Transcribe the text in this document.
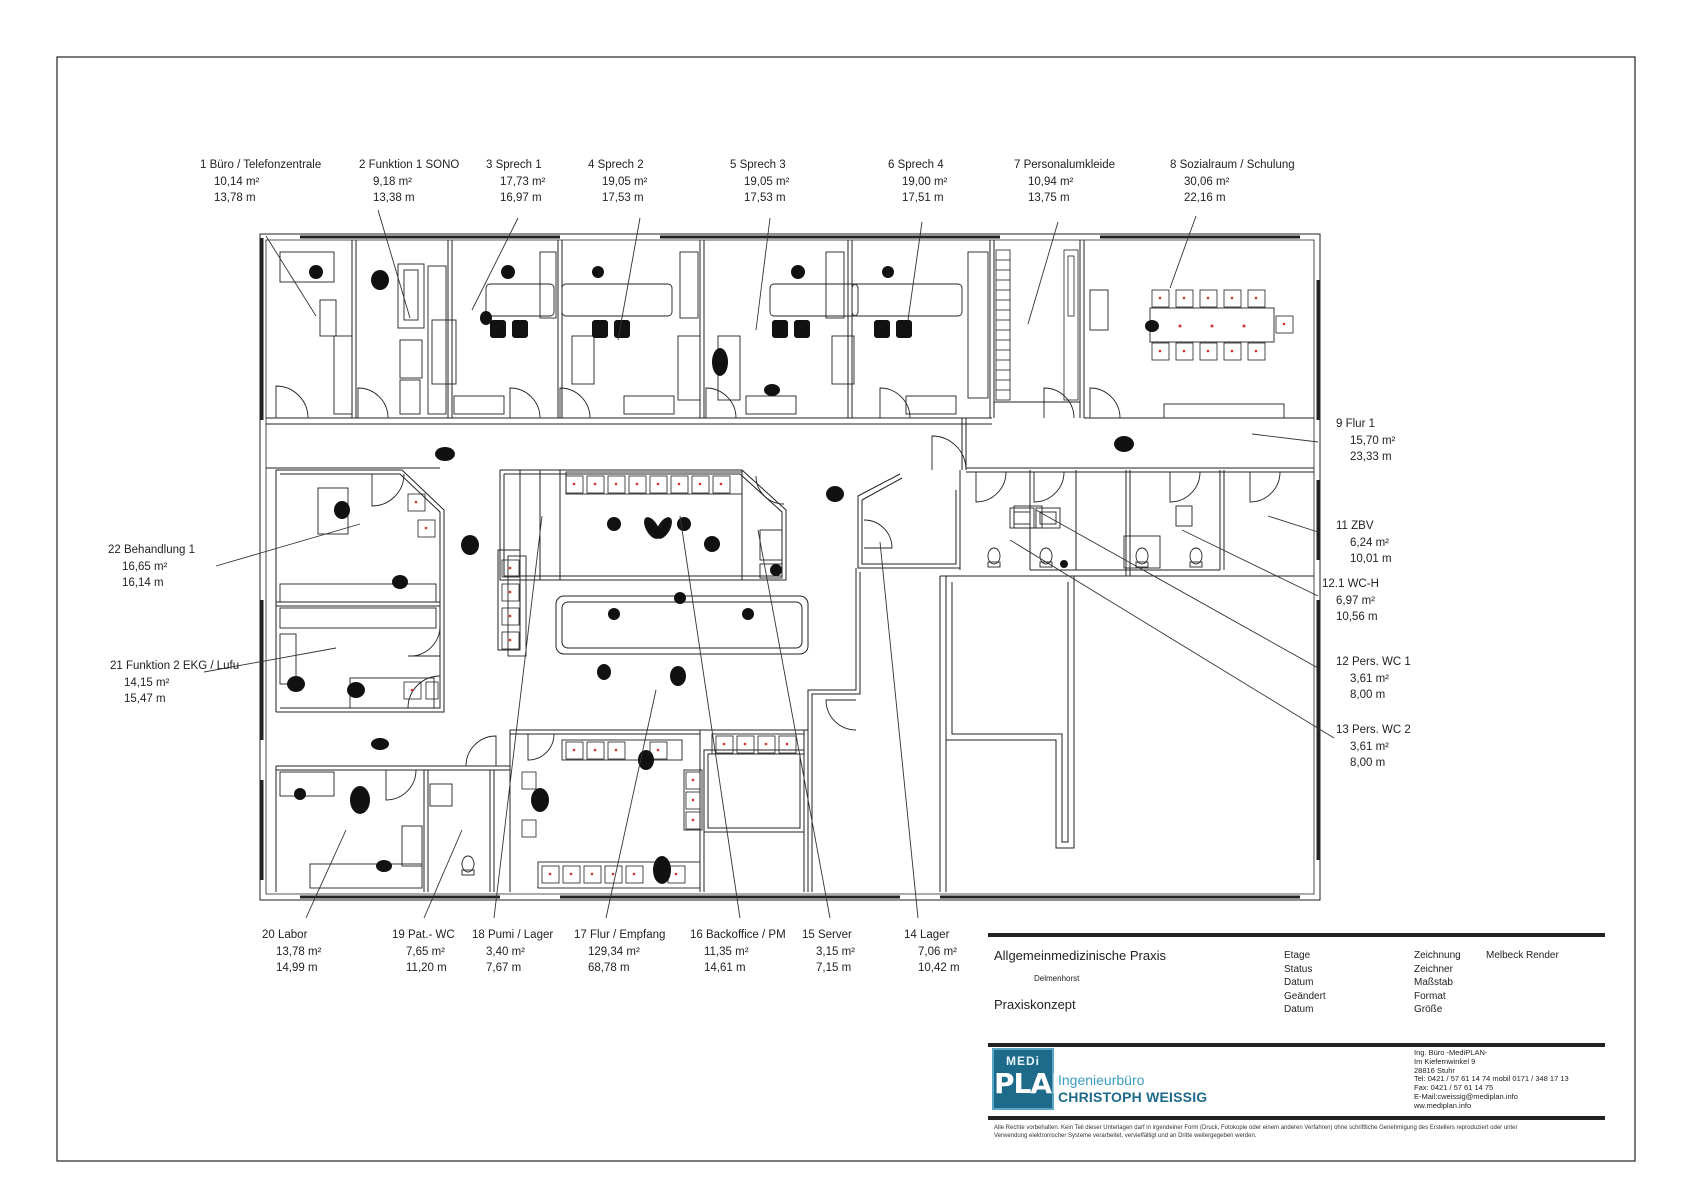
1 Büro / Telefonzentrale
10,14 m²
13,78 m
2 Funktion 1 SONO
9,18 m²
13,38 m
3 Sprech 1
17,73 m²
16,97 m
4 Sprech 2
19,05 m²
17,53 m
5 Sprech 3
19,05 m²
17,53 m
6 Sprech 4
19,00 m²
17,51 m
7 Personalumkleide
10,94 m²
13,75 m
8 Sozialraum / Schulung
30,06 m²
22,16 m
9 Flur 1
15,70 m²
23,33 m
11 ZBV
6,24 m²
10,01 m
12.1 WC-H
6,97 m²
10,56 m
12 Pers. WC 1
3,61 m²
8,00 m
13 Pers. WC 2
3,61 m²
8,00 m
22 Behandlung 1
16,65 m²
16,14 m
21 Funktion 2 EKG / Lufu
14,15 m²
15,47 m
20 Labor
13,78 m²
14,99 m
19 Pat.- WC
7,65 m²
11,20 m
18 Pumi / Lager
3,40 m²
7,67 m
17 Flur / Empfang
129,34 m²
68,78 m
16 Backoffice / PM
11,35 m²
14,61 m
15 Server
3,15 m²
7,15 m
14 Lager
7,06 m²
10,42 m
Allgemeinmedizinische Praxis
Delmenhorst
Praxiskonzept
Etage
Status
Datum
Geändert
Datum
Zeichnung
Zeichner
Maßstab
Format
Größe
Melbeck Render
MEDi
PLAN
Ingenieurbüro
CHRISTOPH WEISSIG
Ing. Büro -MediPLAN-
Im Kiefernwinkel 9
28816 Stuhr
Tel: 0421 / 57 61 14 74 mobil 0171 / 348 17 13
Fax: 0421 / 57 61 14 75
E-Mail:cweissig@mediplan.info
ww.mediplan.info
Alle Rechte vorbehalten. Kein Teil dieser Unterlagen darf in irgendeiner Form (Druck, Fotokopie oder einem anderen Verfahren) ohne schriftliche Genehmigung des Erstellers reproduziert oder unter
Verwendung elektronischer Systeme verarbeitet, vervielfältigt und an Dritte weitergegeben werden.
